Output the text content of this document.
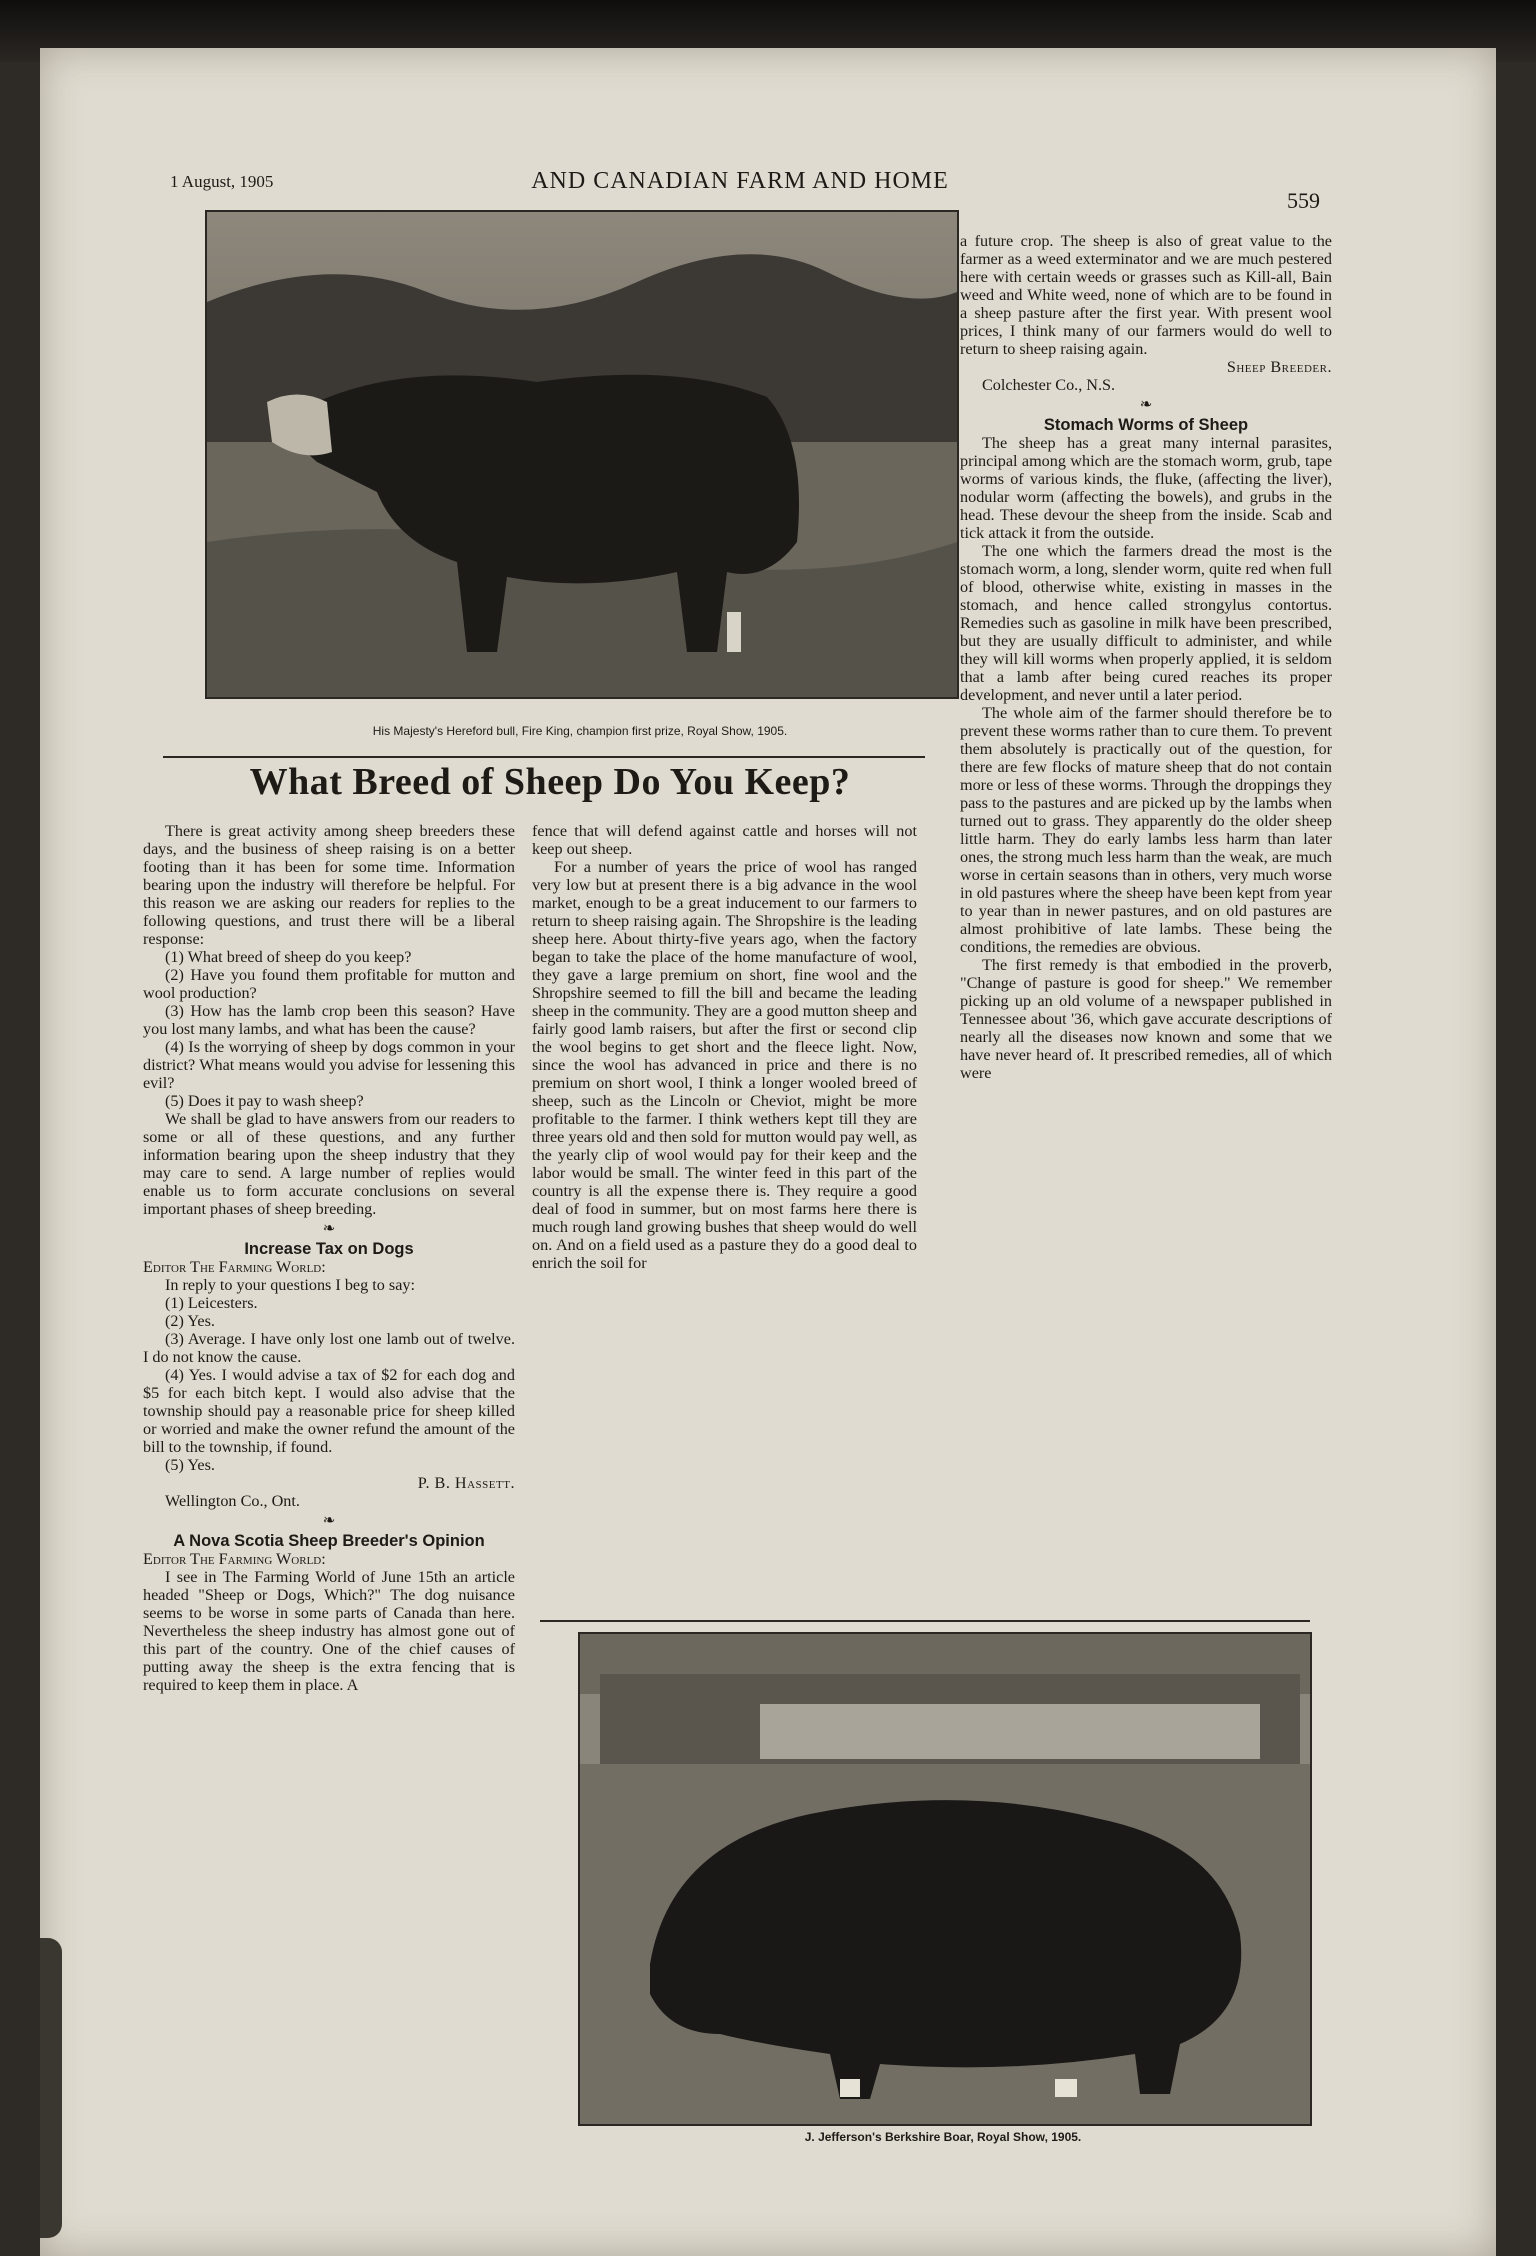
1 August, 1905	AND CANADIAN FARM AND HOME
559
His Majesty's Hereford bull, Fire King, champion first prize, Royal Show, 1905.
What Breed of Sheep Do You Keep?

There is great activity among sheep breeders these days, and the business of sheep raising is on a better footing than it has been for some time. Information bearing upon the industry will therefore be helpful. For this reason we are asking our readers for replies to the following questions, and trust there will be a liberal response:

(1) What breed of sheep do you keep?

(2) Have you found them profitable for mutton and wool production?

(3) How has the lamb crop been this season? Have you lost many lambs, and what has been the cause?

(4) Is the worrying of sheep by dogs common in your district? What means would you advise for lessening this evil?

(5) Does it pay to wash sheep?

We shall be glad to have answers from our readers to some or all of these questions, and any further information bearing upon the sheep industry that they may care to send. A large number of replies would enable us to form accurate conclusions on several important phases of sheep breeding.

❧

Increase Tax on Dogs

Editor The Farming World:

In reply to your questions I beg to say:

(1) Leicesters.

(2) Yes.

(3) Average. I have only lost one lamb out of twelve. I do not know the cause.

(4) Yes. I would advise a tax of $2 for each dog and $5 for each bitch kept. I would also advise that the township should pay a reasonable price for sheep killed or worried and make the owner refund the amount of the bill to the township, if found.

(5) Yes.

P. B. Hassett.

Wellington Co., Ont.

❧

A Nova Scotia Sheep Breeder's Opinion

Editor The Farming World:

I see in The Farming World of June 15th an article headed "Sheep or Dogs, Which?" The dog nuisance seems to be worse in some parts of Canada than here. Nevertheless the sheep industry has almost gone out of this part of the country. One of the chief causes of putting away the sheep is the extra fencing that is required to keep them in place. A

fence that will defend against cattle and horses will not keep out sheep.

For a number of years the price of wool has ranged very low but at present there is a big advance in the wool market, enough to be a great inducement to our farmers to return to sheep raising again. The Shropshire is the leading sheep here. About thirty-five years ago, when the factory began to take the place of the home manufacture of wool, they gave a large premium on short, fine wool and the Shropshire seemed to fill the bill and became the leading sheep in the community. They are a good mutton sheep and fairly good lamb raisers, but after the first or second clip the wool begins to get short and the fleece light. Now, since the wool has advanced in price and there is no premium on short wool, I think a longer wooled breed of sheep, such as the Lincoln or Cheviot, might be more profitable to the farmer. I think wethers kept till they are three years old and then sold for mutton would pay well, as the yearly clip of wool would pay for their keep and the labor would be small. The winter feed in this part of the country is all the expense there is. They require a good deal of food in summer, but on most farms here there is much rough land growing bushes that sheep would do well on. And on a field used as a pasture they do a good deal to enrich the soil for

a future crop. The sheep is also of great value to the farmer as a weed exterminator and we are much pestered here with certain weeds or grasses such as Kill-all, Bain weed and White weed, none of which are to be found in a sheep pasture after the first year. With present wool prices, I think many of our farmers would do well to return to sheep raising again.

Sheep Breeder.

Colchester Co., N.S.

❧

Stomach Worms of Sheep

The sheep has a great many internal parasites, principal among which are the stomach worm, grub, tape worms of various kinds, the fluke, (affecting the liver), nodular worm (affecting the bowels), and grubs in the head. These devour the sheep from the inside. Scab and tick attack it from the outside.

The one which the farmers dread the most is the stomach worm, a long, slender worm, quite red when full of blood, otherwise white, existing in masses in the stomach, and hence called strongylus contortus. Remedies such as gasoline in milk have been prescribed, but they are usually difficult to administer, and while they will kill worms when properly applied, it is seldom that a lamb after being cured reaches its proper development, and never until a later period.

The whole aim of the farmer should therefore be to prevent these worms rather than to cure them. To prevent them absolutely is practically out of the question, for there are few flocks of mature sheep that do not contain more or less of these worms. Through the droppings they pass to the pastures and are picked up by the lambs when turned out to grass. They apparently do the older sheep little harm. They do early lambs less harm than later ones, the strong much less harm than the weak, are much worse in certain seasons than in others, very much worse in old pastures where the sheep have been kept from year to year than in newer pastures, and on old pastures are almost prohibitive of late lambs. These being the conditions, the remedies are obvious.

The first remedy is that embodied in the proverb, "Change of pasture is good for sheep." We remember picking up an old volume of a newspaper published in Tennessee about '36, which gave accurate descriptions of nearly all the diseases now known and some that we have never heard of. It prescribed remedies, all of which were

J. Jefferson's Berkshire Boar, Royal Show, 1905.
